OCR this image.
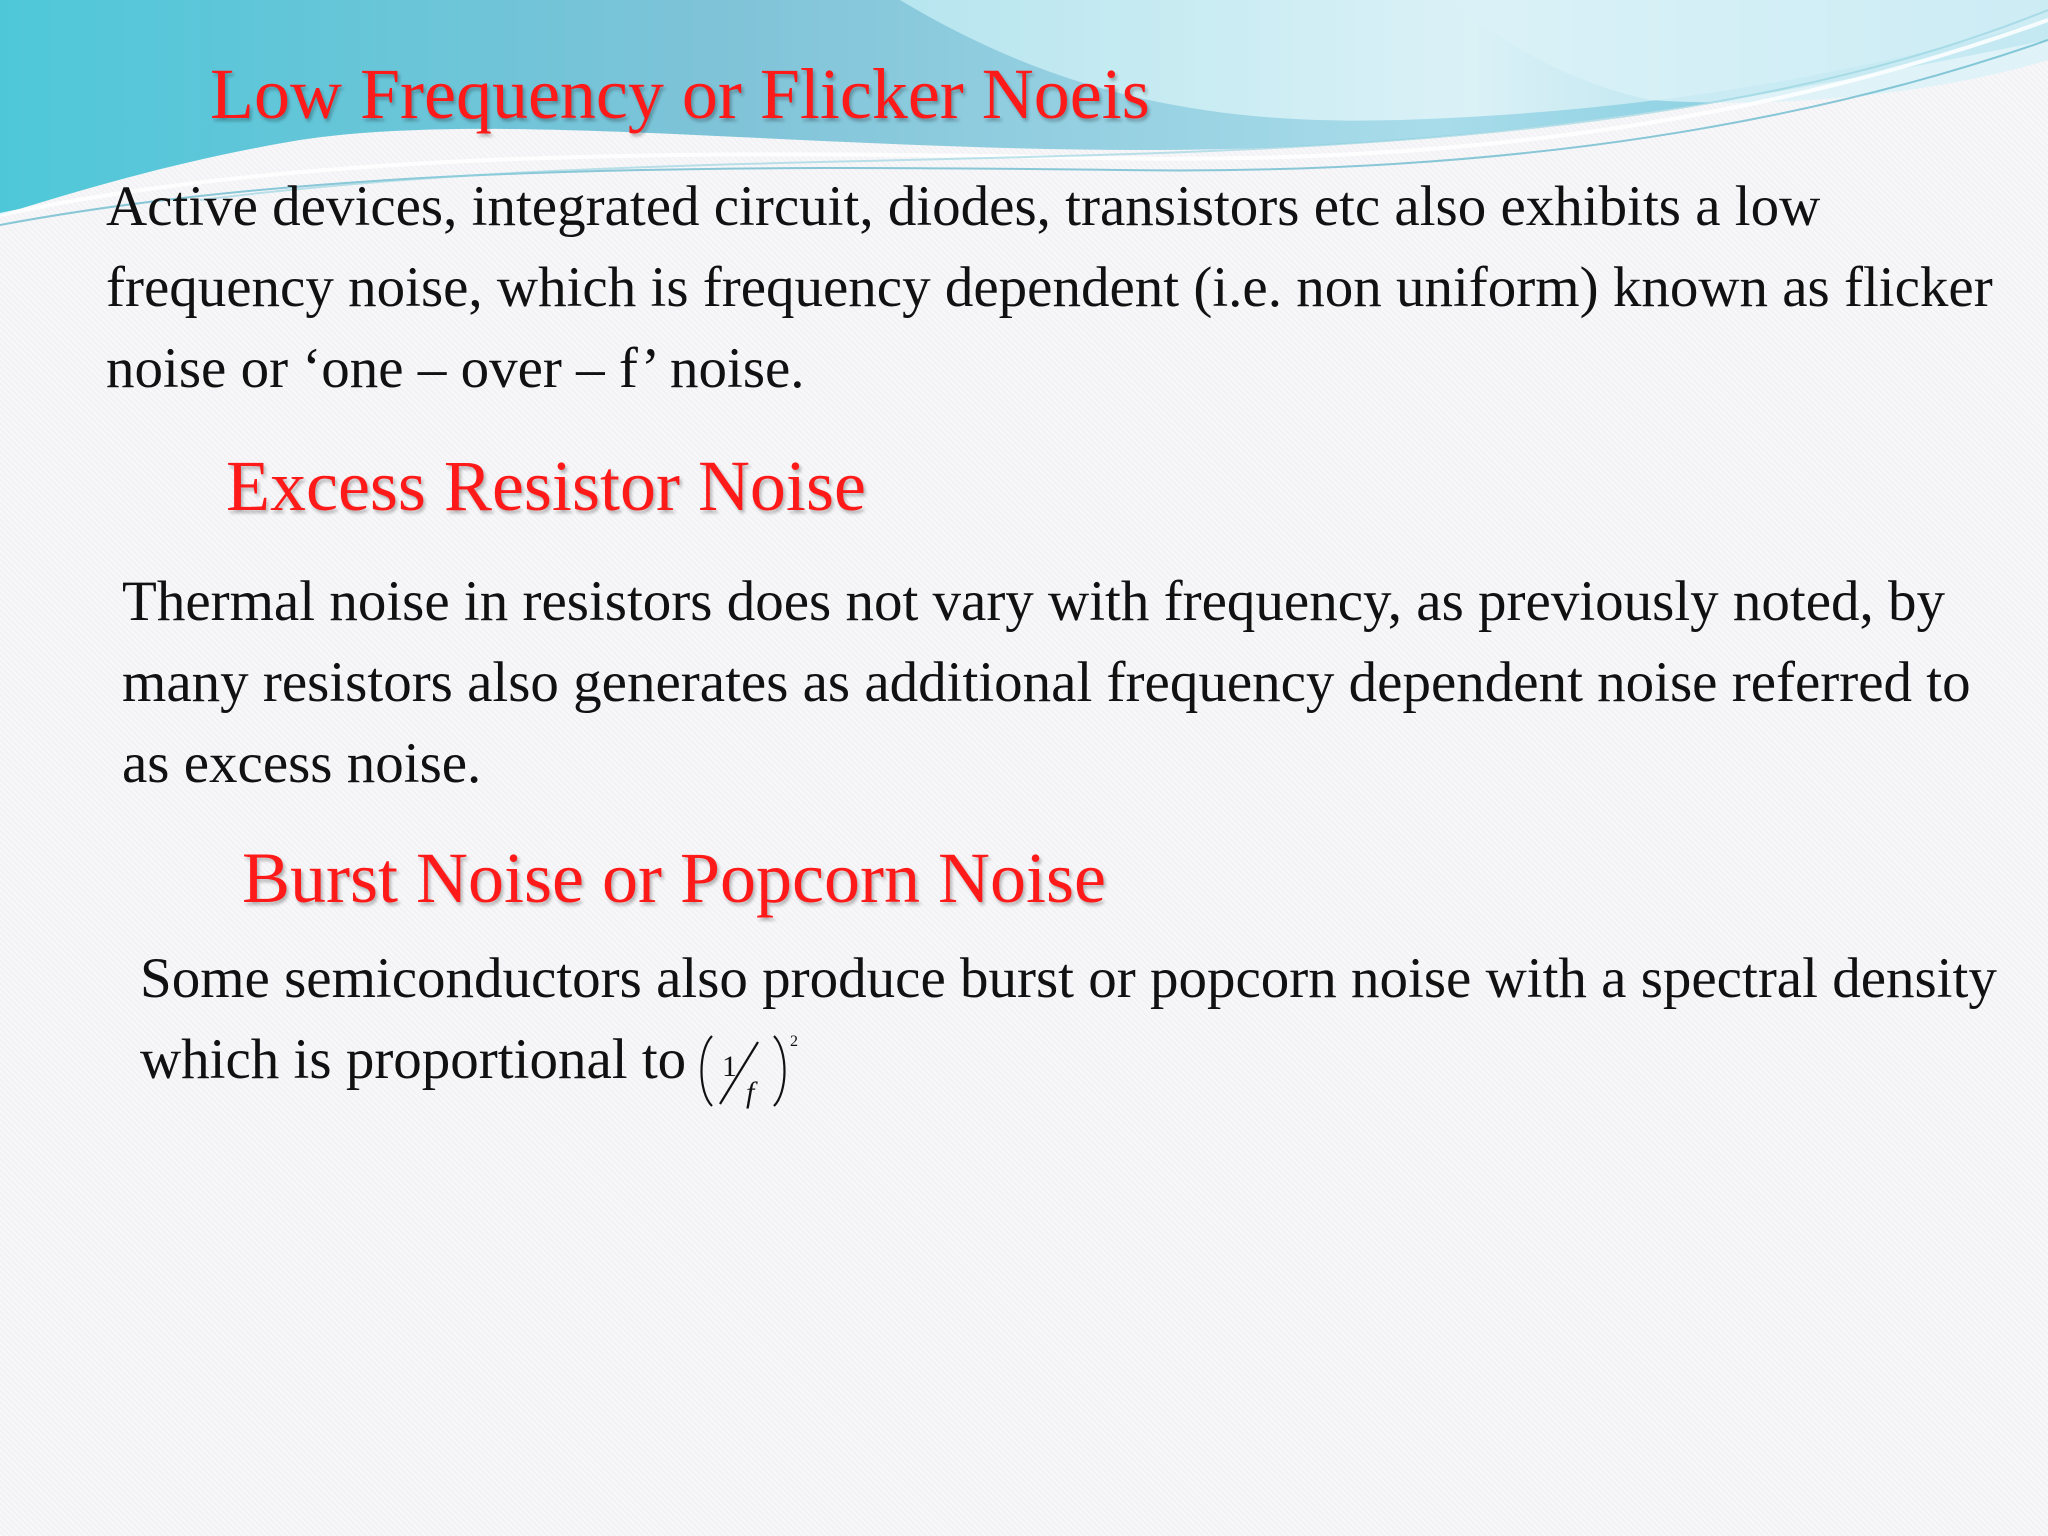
Low Frequency or Flicker Noeis

Active devices, integrated circuit, diodes, transistors etc also exhibits a low frequency noise, which is frequency dependent (i.e. non uniform) known as flicker noise or ‘one – over – f’ noise.

Excess Resistor Noise

Thermal noise in resistors does not vary with frequency, as previously noted, by many resistors also generates as additional frequency dependent noise referred to as excess noise.

Burst Noise or Popcorn Noise

Some semiconductors also produce burst or popcorn noise with a spectral density which is proportional to 1
f
2
